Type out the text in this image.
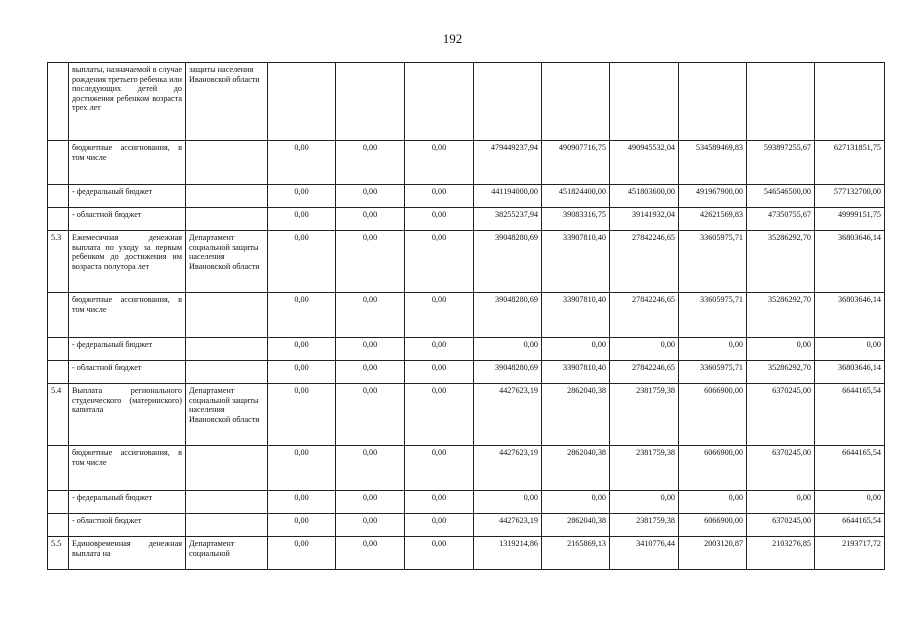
192
	выплаты, назначаемой в случае рождения третьего ребенка или последующих детей до достижения ребенком возраста трех лет	защиты населения Ивановской области									
	бюджетные ассигнования, в том числе		0,00	0,00	0,00	479449237,94	490907716,75	490945532,04	534589469,83	593897255,67	627131851,75
	- федеральный бюджет		0,00	0,00	0,00	441194000,00	451824400,00	451803600,00	491967900,00	546546500,00	577132700,00
	- областной бюджет		0,00	0,00	0,00	38255237,94	39083316,75	39141932,04	42621569,83	47350755,67	49999151,75
5.3	Ежемесячная денежная выплата по уходу за первым ребенком до достижения им возраста полутора лет	Департамент социальной защиты населения Ивановской области	0,00	0,00	0,00	39048280,69	33907810,40	27842246,65	33605975,71	35286292,70	36803646,14
	бюджетные ассигнования, в том числе		0,00	0,00	0,00	39048280,69	33907810,40	27842246,65	33605975,71	35286292,70	36803646,14
	- федеральный бюджет		0,00	0,00	0,00	0,00	0,00	0,00	0,00	0,00	0,00
	- областной бюджет		0,00	0,00	0,00	39048280,69	33907810,40	27842246,65	33605975,71	35286292,70	36803646,14
5.4	Выплата регионального студенческого (материнского) капитала	Департамент социальной защиты населения Ивановской области	0,00	0,00	0,00	4427623,19	2862040,38	2381759,38	6066900,00	6370245,00	6644165,54
	бюджетные ассигнования, в том числе		0,00	0,00	0,00	4427623,19	2862040,38	2381759,38	6066900,00	6370245,00	6644165,54
	- федеральный бюджет		0,00	0,00	0,00	0,00	0,00	0,00	0,00	0,00	0,00
	- областной бюджет		0,00	0,00	0,00	4427623,19	2862040,38	2381759,38	6066900,00	6370245,00	6644165,54
5.5	Единовременная денежная выплата на	Департамент социальной	0,00	0,00	0,00	1319214,86	2165869,13	3410776,44	2003120,87	2103276,85	2193717,72
